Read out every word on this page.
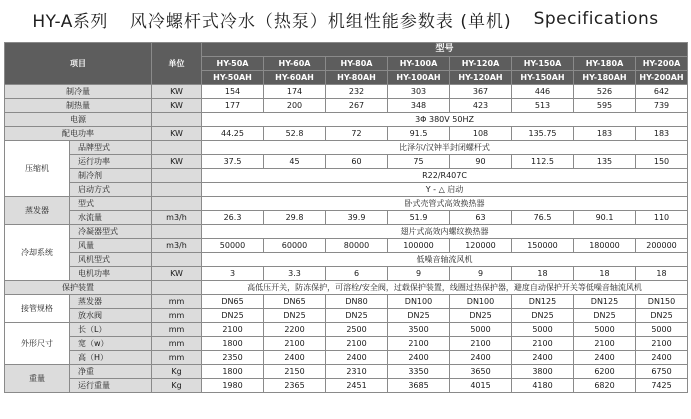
HY-A系列 风冷螺杆式冷水（热泵）机组性能参数表 (单机) Specifications
项目		单位	型号							
			HY-50A	HY-60A	HY-80A	HY-100A	HY-120A	HY-150A	HY-180A	HY-200A
			HY-50AH	HY-60AH	HY-80AH	HY-100AH	HY-120AH	HY-150AH	HY-180AH	HY-200AH
制冷量		KW	154	174	232	303	367	446	526	642
制热量		KW	177	200	267	348	423	513	595	739
电源			3Φ 380V 50HZ							
配电功率		KW	44.25	52.8	72	91.5	108	135.75	183	183
压缩机	品牌型式		比泽尔/汉钟半封闭螺杆式							
	运行功率	KW	37.5	45	60	75	90	112.5	135	150
	制冷剂		R22/R407C							
	启动方式		Y - △ 启动							
蒸发器	型式		卧式壳管式高效换热器							
	水流量	m3/h	26.3	29.8	39.9	51.9	63	76.5	90.1	110
冷却系统	冷凝器型式		翅片式高效内螺纹换热器							
	风量	m3/h	50000	60000	80000	100000	120000	150000	180000	200000
	风机型式		低噪音轴流风机							
	电机功率	KW	3	3.3	6	9	9	18	18	18
保护装置			高低压开关，防冻保护，可溶栓/安全阀，过载保护装置，线圈过热保护器，避度自动保护开关等低噪音轴流风机							
接管规格	蒸发器	mm	DN65	DN65	DN80	DN100	DN100	DN125	DN125	DN150
	放水阀	mm	DN25	DN25	DN25	DN25	DN25	DN25	DN25	DN25
外形尺寸	长（L）	mm	2100	2200	2500	3500	5000	5000	5000	5000
	宽（w）	mm	1800	2100	2100	2100	2100	2100	2100	2100
	高（H）	mm	2350	2400	2400	2400	2400	2400	2400	2400
重量	净重	Kg	1800	2150	2310	3350	3650	3800	6200	6750
	运行重量	Kg	1980	2365	2451	3685	4015	4180	6820	7425
